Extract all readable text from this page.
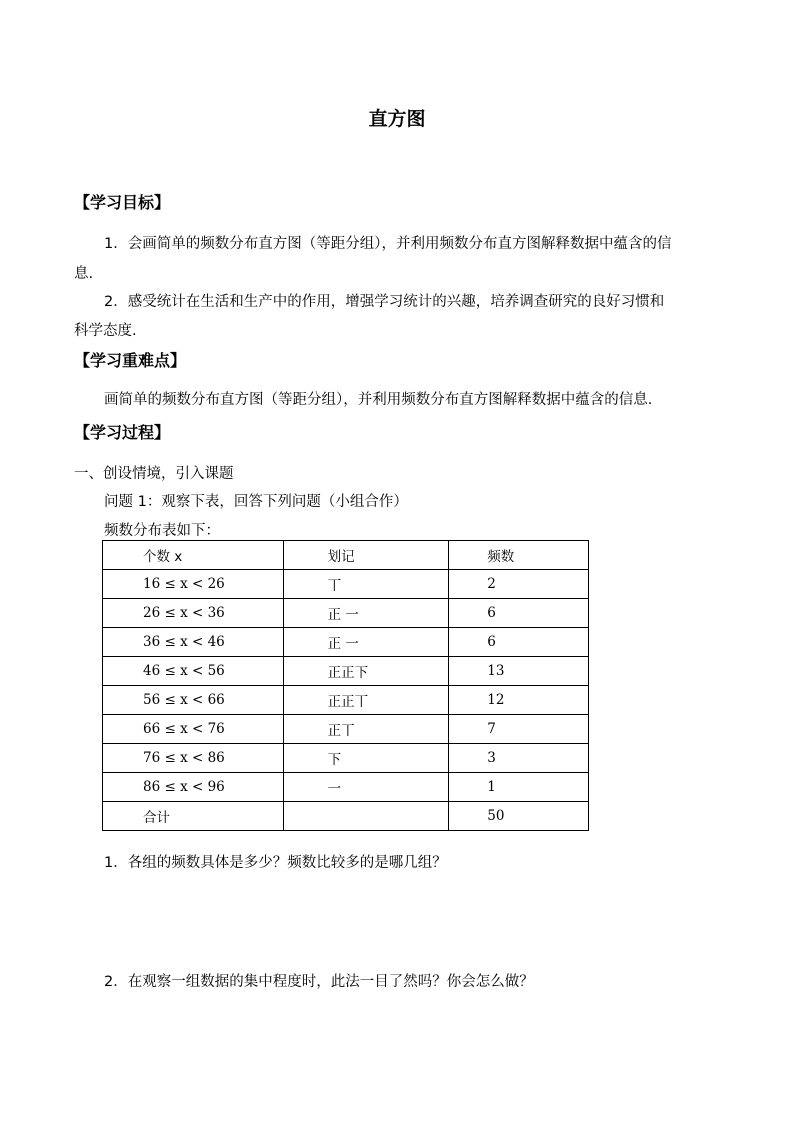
直方图
【学习目标】
1．会画简单的频数分布直方图（等距分组），并利用频数分布直方图解释数据中蕴含的信
息.
2．感受统计在生活和生产中的作用，增强学习统计的兴趣，培养调查研究的良好习惯和
科学态度.
【学习重难点】
画简单的频数分布直方图（等距分组），并利用频数分布直方图解释数据中蕴含的信息.
【学习过程】
一、创设情境，引入课题
问题 1：观察下表，回答下列问题（小组合作）
频数分布表如下：
个数 x	划记	频数
16 ≤ x < 26	丅	2
26 ≤ x < 36	正 一	6
36 ≤ x < 46	正 一	6
46 ≤ x < 56	正正下	13
56 ≤ x < 66	正正丅	12
66 ≤ x < 76	正丅	7
76 ≤ x < 86	下	3
86 ≤ x < 96	一	1
合计		50
1．各组的频数具体是多少？频数比较多的是哪几组？
2．在观察一组数据的集中程度时，此法一目了然吗？你会怎么做？
